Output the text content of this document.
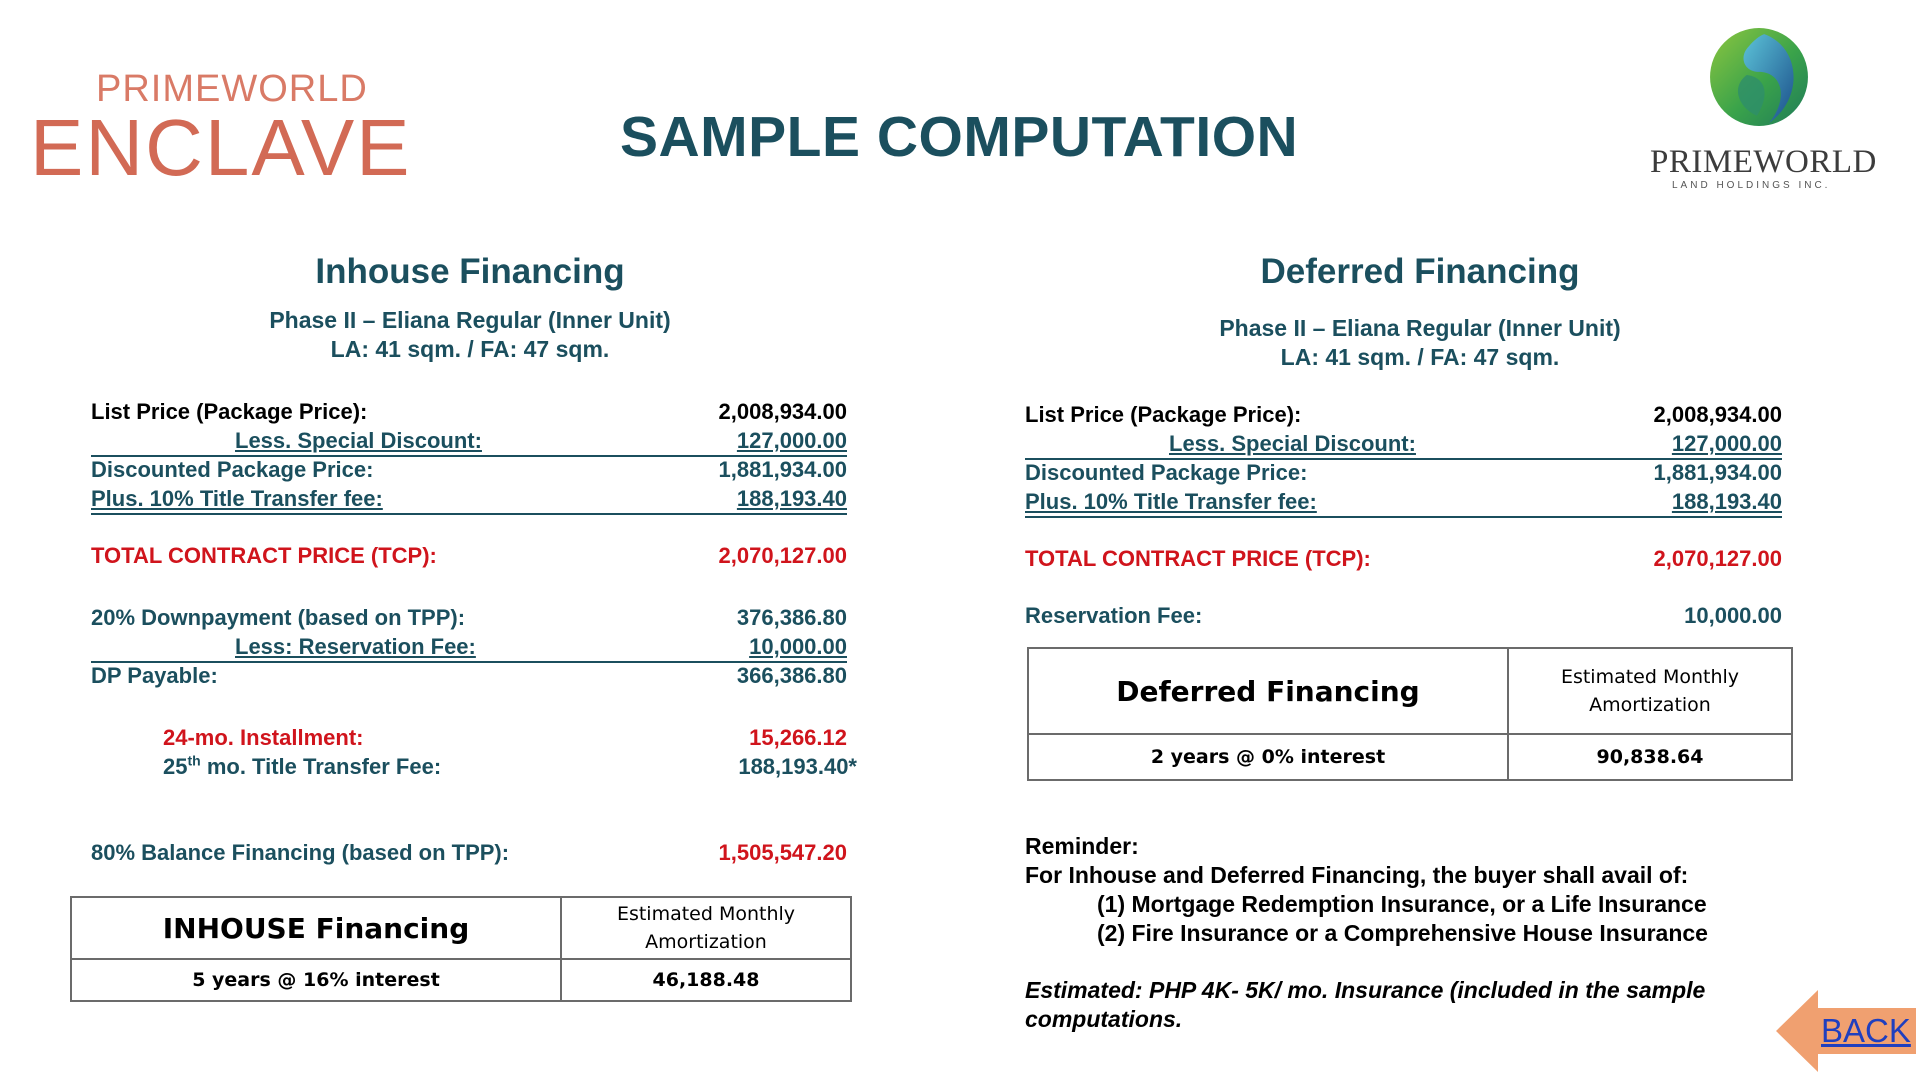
PRIMEWORLD
ENCLAVE	SAMPLE COMPUTATION	PRIMEWORLD
LAND HOLDINGS INC.
Inhouse Financing
Phase II – Eliana Regular (Inner Unit)
LA: 41 sqm. / FA: 47 sqm.
List Price (Package Price):	2,008,934.00
Less. Special Discount:	127,000.00
Discounted Package Price:	1,881,934.00
Plus. 10% Title Transfer fee:	188,193.40
TOTAL CONTRACT PRICE (TCP):	2,070,127.00
20% Downpayment (based on TPP):	376,386.80
Less: Reservation Fee:	10,000.00
DP Payable:	366,386.80
24-mo. Installment:	15,266.12
25th mo. Title Transfer Fee:	188,193.40*
80% Balance Financing (based on TPP):	1,505,547.20
INHOUSE Financing	Estimated Monthly
Amortization
5 years @ 16% interest	46,188.48
Deferred Financing
Phase II – Eliana Regular (Inner Unit)
LA: 41 sqm. / FA: 47 sqm.
List Price (Package Price):	2,008,934.00
Less. Special Discount:	127,000.00
Discounted Package Price:	1,881,934.00
Plus. 10% Title Transfer fee:	188,193.40
TOTAL CONTRACT PRICE (TCP):	2,070,127.00
Reservation Fee:	10,000.00
Deferred Financing	Estimated Monthly
Amortization
2 years @ 0% interest	90,838.64
Reminder:
For Inhouse and Deferred Financing, the buyer shall avail of:
(1) Mortgage Redemption Insurance, or a Life Insurance
(2) Fire Insurance or a Comprehensive House Insurance
Estimated: PHP 4K- 5K/ mo. Insurance (included in the sample
computations.	BACK
